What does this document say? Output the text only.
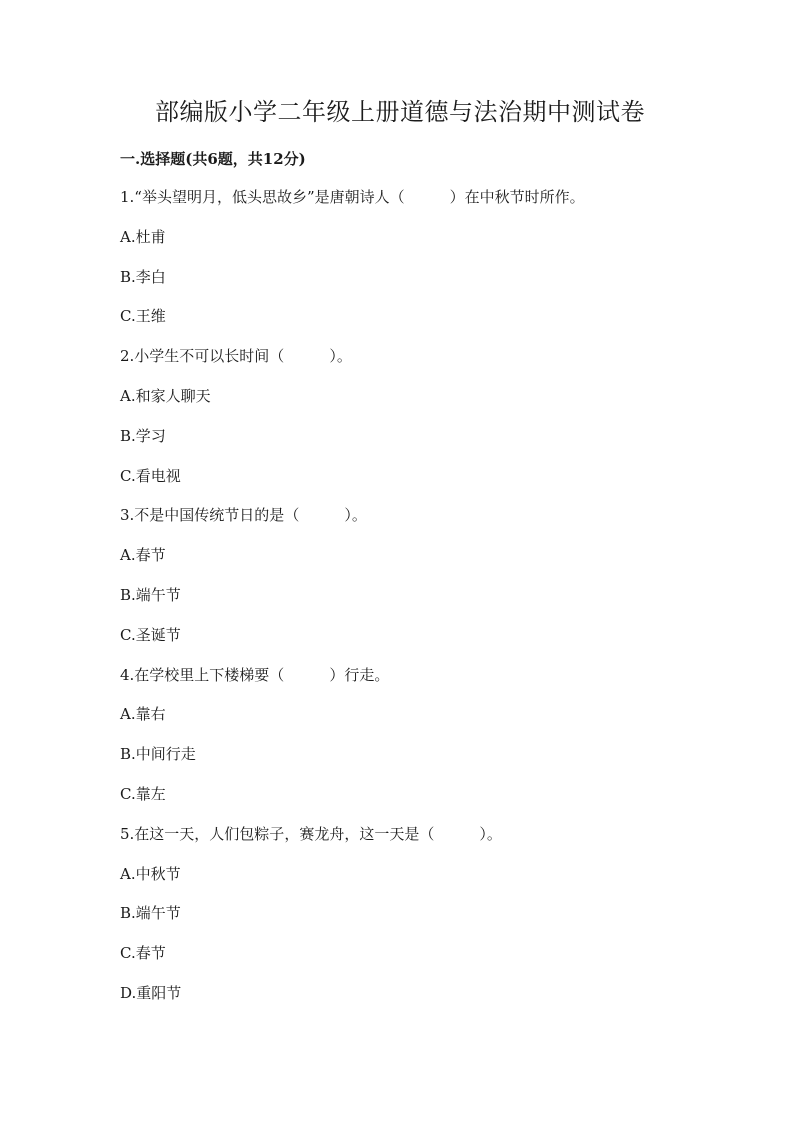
部编版小学二年级上册道德与法治期中测试卷
一.选择题(共6题，共12分)
1.“举头望明月，低头思故乡”是唐朝诗人（　　　）在中秋节时所作。
A.杜甫
B.李白
C.王维
2.小学生不可以长时间（　　　）。
A.和家人聊天
B.学习
C.看电视
3.不是中国传统节日的是（　　　）。
A.春节
B.端午节
C.圣诞节
4.在学校里上下楼梯要（　　　）行走。
A.靠右
B.中间行走
C.靠左
5.在这一天，人们包粽子，赛龙舟，这一天是（　　　）。
A.中秋节
B.端午节
C.春节
D.重阳节
